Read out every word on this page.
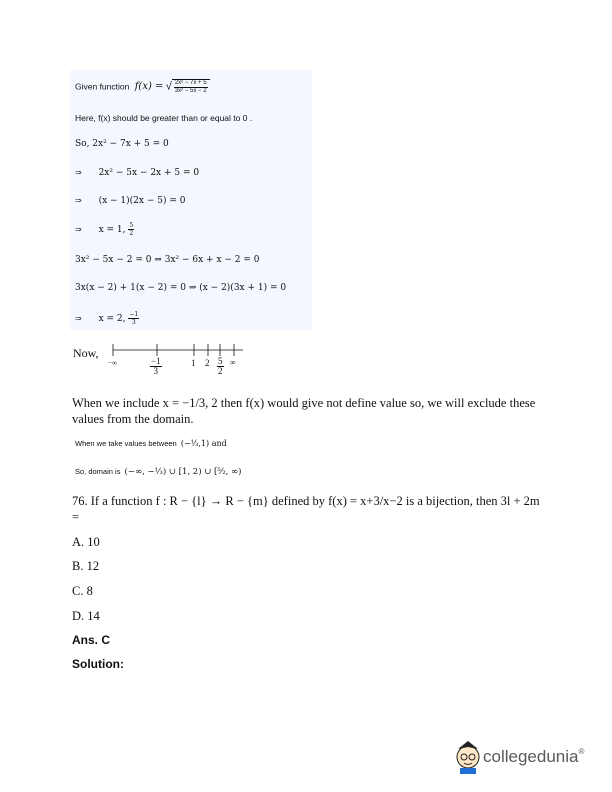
Given function f(x) = √ $\frac{\text{2x² − 7x + 5}}{\text{3x² − 5x − 2}}$
Here, f(x) should be greater than or equal to 0 .
So, 2x² − 7x + 5 = 0
⇒ 2x² − 5x − 2x + 5 = 0
⇒ (x − 1)(2x − 5) = 0
⇒ x = 1, $\frac{5}{2}$
3x² − 5x − 2 = 0 ⇒ 3x² − 6x + x − 2 = 0
3x(x − 2) + 1(x − 2) = 0 ⇒ (x − 2)(3x + 1) = 0
⇒ x = 2, $\frac{-1}{3}$
Now,
−∞	$\frac{-1}{3}$	1 $2 \frac{5}{2}$ ∞
When we include x = −1/3, 2 then f(x) would give not define value so, we will exclude these values from the domain.
When we take values between (−⅓,1) and
So, domain is (−∞, −⅓) ∪ [1, 2) ∪ [⁵⁄₂, ∞)
76. If a function f : R − {l} → R − {m} defined by f(x) = x+3/x−2 is a bijection, then 3l + 2m =
A. 10
B. 12
C. 8
D. 14
Ans. C
Solution:
collegedunia®
